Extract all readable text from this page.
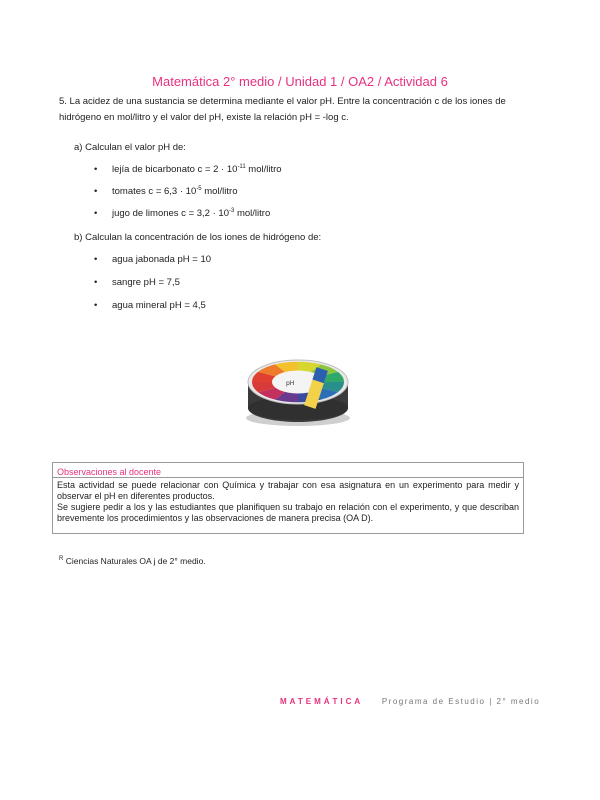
Matemática 2° medio / Unidad 1 / OA2 / Actividad 6
5. La acidez de una sustancia se determina mediante el valor pH. Entre la concentración c de los iones de hidrógeno en mol/litro y el valor del pH, existe la relación pH = -log c.
a) Calculan el valor pH de:
• lejía de bicarbonato $c = 2 \cdot 10^{-11}$ mol/litro
• tomates $c = 6,3 \cdot 10^{-5}$ mol/litro
• jugo de limones $c = 3,2 \cdot 10^{-3}$ mol/litro
b) Calculan la concentración de los iones de hidrógeno de:
• agua jabonada pH = 10
• sangre pH = 7,5
• agua mineral pH = 4,5
pH
Observaciones al docente
Esta actividad se puede relacionar con Química y trabajar con esa asignatura en un experimento para medir y observar el pH en diferentes productos.
Se sugiere pedir a los y las estudiantes que planifiquen su trabajo en relación con el experimento, y que describan brevemente los procedimientos y las observaciones de manera precisa (OA D).
$^R$ Ciencias Naturales OA j de 2° medio.
MATEMÁTICA Programa de Estudio | 2° medio
